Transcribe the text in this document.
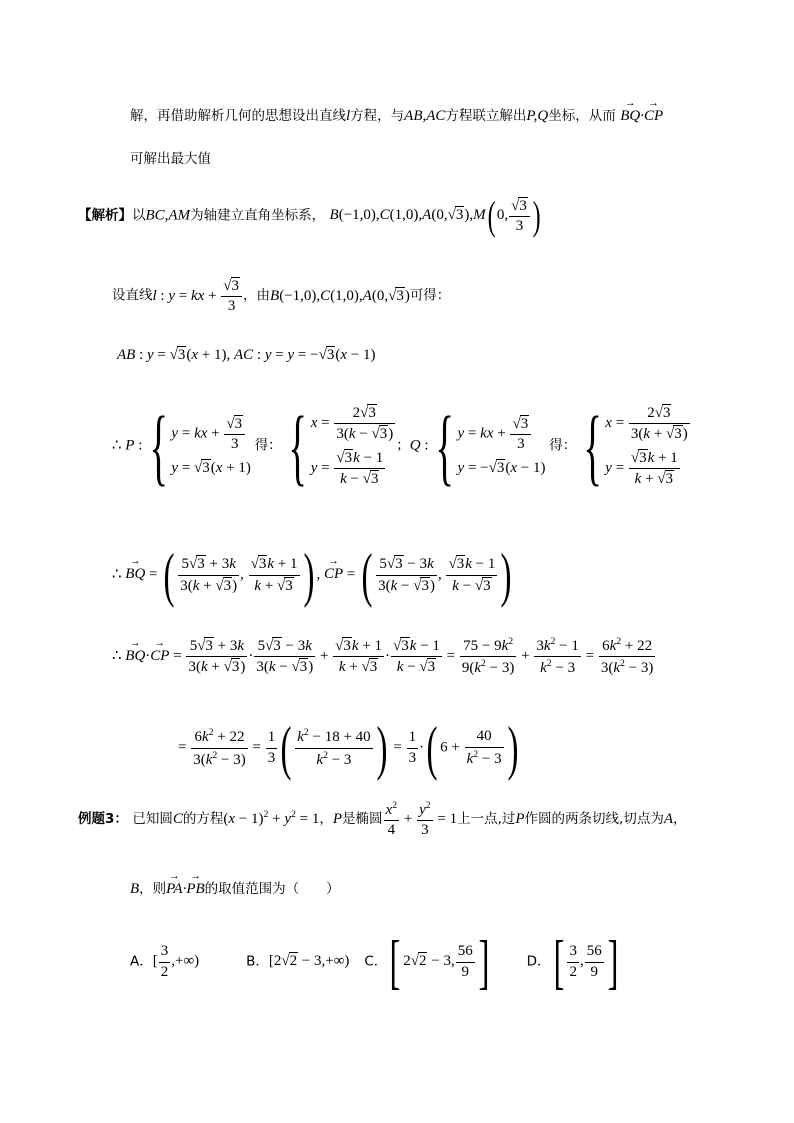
解，再借助解析几何的思想设出直线l方程，与AB,AC方程联立解出P,Q坐标，从而 → BQ·→ CP
可解出最大值
【解析】以BC,AM为轴建立直角坐标系， B(−1,0),C(1,0),A(0,√3),M( 0, $\frac{√3}{3}$ )
设直线l : y = kx + $\frac{√3}{3}$ ，由B(−1,0),C(1,0),A(0,√3)可得：
AB : y = √3(x + 1), AC : y = y = −√3(x − 1)
∴ P : { y = kx + $\frac{√3}{3}$
y = √3(x + 1)
得： { $x = \frac{2√3}{3(k - √3)}$
$y = \frac{√3k - 1}{k - √3}$
；Q : { y = kx + $\frac{√3}{3}$
y = −√3(x − 1)
得： { $x = \frac{2√3}{3(k + √3)}$
$y = \frac{√3k + 1}{k + √3}$
∴ → BQ = ( $\frac{5√3 + 3k}{3(k + √3)}$ , $\frac{√3k + 1}{k + √3}$ ) , → CP = ( $\frac{5√3 - 3k}{3(k - √3)}$ , $\frac{√3k - 1}{k - √3}$ )
∴ → BQ·→ CP = $\frac{5√3 + 3k}{3(k + √3)} \cdot \frac{5√3 - 3k}{3(k - √3)} + \frac{√3k + 1}{k + √3} \cdot \frac{√3k - 1}{k - √3} = \frac{75 - 9k^2}{9(k^2 - 3)} + \frac{3k^2 - 1}{k^2 - 3} = \frac{6k^2 + 22}{3(k^2 - 3)}$
= $\frac{6k^2 + 22}{3(k^2 - 3)} = \frac{1}{3}$ ( $\frac{k^2 - 18 + 40}{k^2 - 3}$ ) = $\frac{1}{3}$ ·( $6 + \frac{40}{k^2 - 3}$ )
例题3： 已知圆C的方程$(x - 1)^2 + y^2 = 1$，P是椭圆 $\frac{x^2}{4} + \frac{y^2}{3} = 1$上一点,过P作圆的两条切线,切点为A，
B，则→ PA·→ PB的取值范围为（　　）
A．[ $\frac{3}{2}$ ,+∞)	B．[2√2 − 3,+∞) C．[ 2√2 − 3, $\frac{56}{9}$ ]	D．[ $\frac{3}{2}$ , $\frac{56}{9}$ ]
